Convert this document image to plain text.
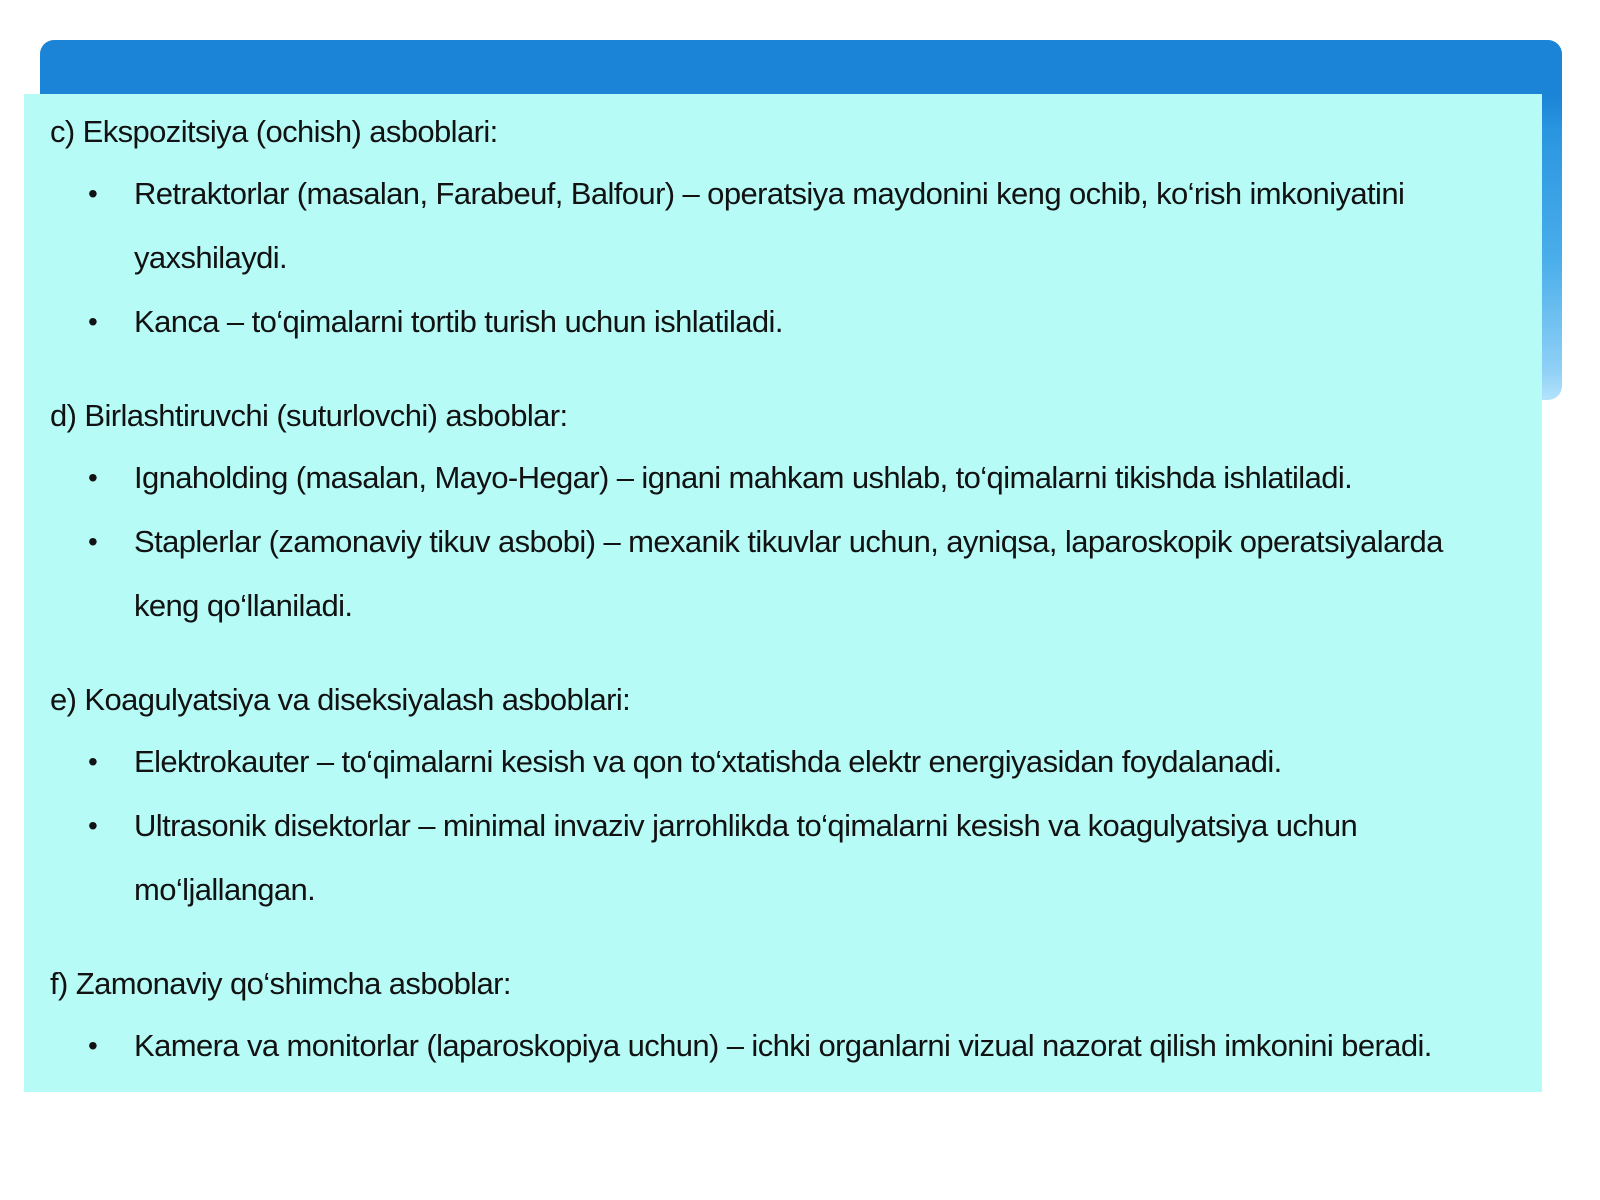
c) Ekspozitsiya (ochish) asboblari:
• Retraktorlar (masalan, Farabeuf, Balfour) – operatsiya maydonini keng ochib, ko‘rish imkoniyatini yaxshilaydi.
• Kanca – to‘qimalarni tortib turish uchun ishlatiladi.
d) Birlashtiruvchi (suturlovchi) asboblar:
• Ignaholding (masalan, Mayo-Hegar) – ignani mahkam ushlab, to‘qimalarni tikishda ishlatiladi.
• Staplerlar (zamonaviy tikuv asbobi) – mexanik tikuvlar uchun, ayniqsa, laparoskopik operatsiyalarda keng qo‘llaniladi.
e) Koagulyatsiya va diseksiyalash asboblari:
• Elektrokauter – to‘qimalarni kesish va qon to‘xtatishda elektr energiyasidan foydalanadi.
• Ultrasonik disektorlar – minimal invaziv jarrohlikda to‘qimalarni kesish va koagulyatsiya uchun mo‘ljallangan.
f) Zamonaviy qo‘shimcha asboblar:
• Kamera va monitorlar (laparoskopiya uchun) – ichki organlarni vizual nazorat qilish imkonini beradi.
